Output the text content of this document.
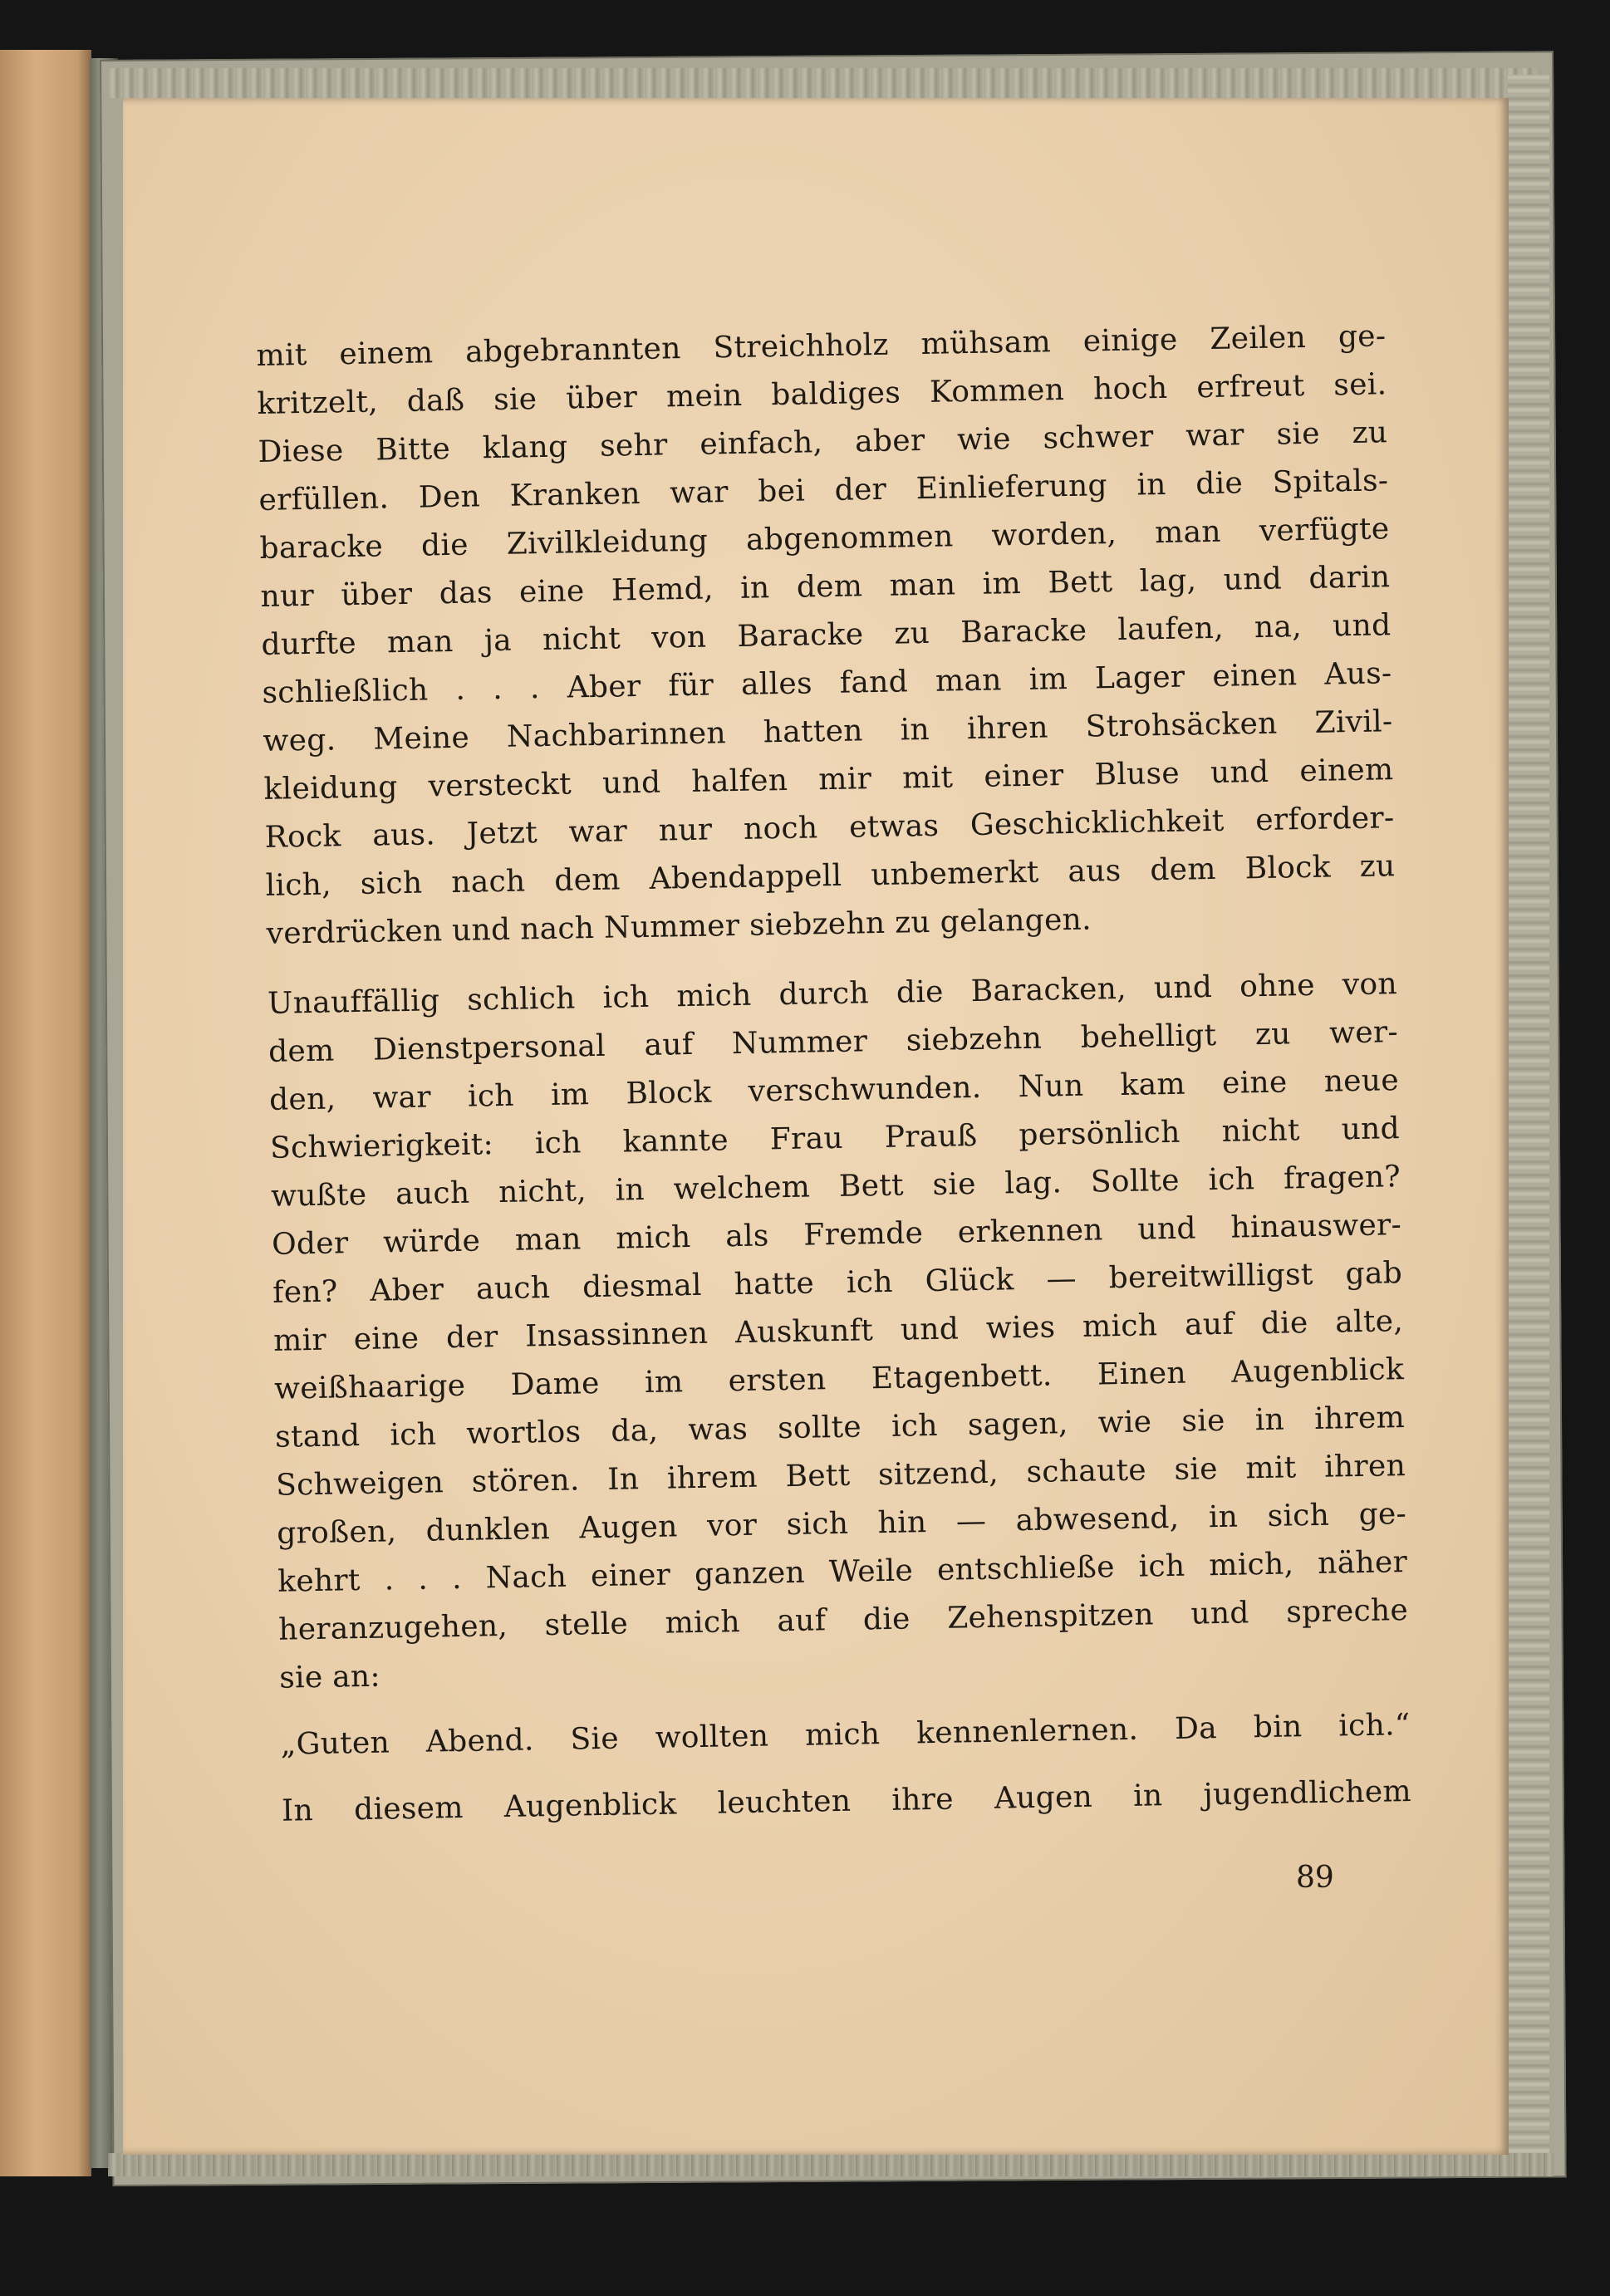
mit einem abgebrannten Streichholz mühsam einige Zeilen ge-
kritzelt, daß sie über mein baldiges Kommen hoch erfreut sei.
Diese Bitte klang sehr einfach, aber wie schwer war sie zu
erfüllen. Den Kranken war bei der Einlieferung in die Spitals-
baracke die Zivilkleidung abgenommen worden, man verfügte
nur über das eine Hemd, in dem man im Bett lag, und darin
durfte man ja nicht von Baracke zu Baracke laufen, na, und
schließlich . . . Aber für alles fand man im Lager einen Aus-
weg. Meine Nachbarinnen hatten in ihren Strohsäcken Zivil-
kleidung versteckt und halfen mir mit einer Bluse und einem
Rock aus. Jetzt war nur noch etwas Geschicklichkeit erforder-
lich, sich nach dem Abendappell unbemerkt aus dem Block zu
verdrücken und nach Nummer siebzehn zu gelangen.

Unauffällig schlich ich mich durch die Baracken, und ohne von
dem Dienstpersonal auf Nummer siebzehn behelligt zu wer-
den, war ich im Block verschwunden. Nun kam eine neue
Schwierigkeit: ich kannte Frau Prauß persönlich nicht und
wußte auch nicht, in welchem Bett sie lag. Sollte ich fragen?
Oder würde man mich als Fremde erkennen und hinauswer-
fen? Aber auch diesmal hatte ich Glück — bereitwilligst gab
mir eine der Insassinnen Auskunft und wies mich auf die alte,
weißhaarige Dame im ersten Etagenbett. Einen Augenblick
stand ich wortlos da, was sollte ich sagen, wie sie in ihrem
Schweigen stören. In ihrem Bett sitzend, schaute sie mit ihren
großen, dunklen Augen vor sich hin — abwesend, in sich ge-
kehrt . . . Nach einer ganzen Weile entschließe ich mich, näher
heranzugehen, stelle mich auf die Zehenspitzen und spreche
sie an:

„Guten Abend. Sie wollten mich kennenlernen. Da bin ich.“

In diesem Augenblick leuchten ihre Augen in jugendlichem

89
